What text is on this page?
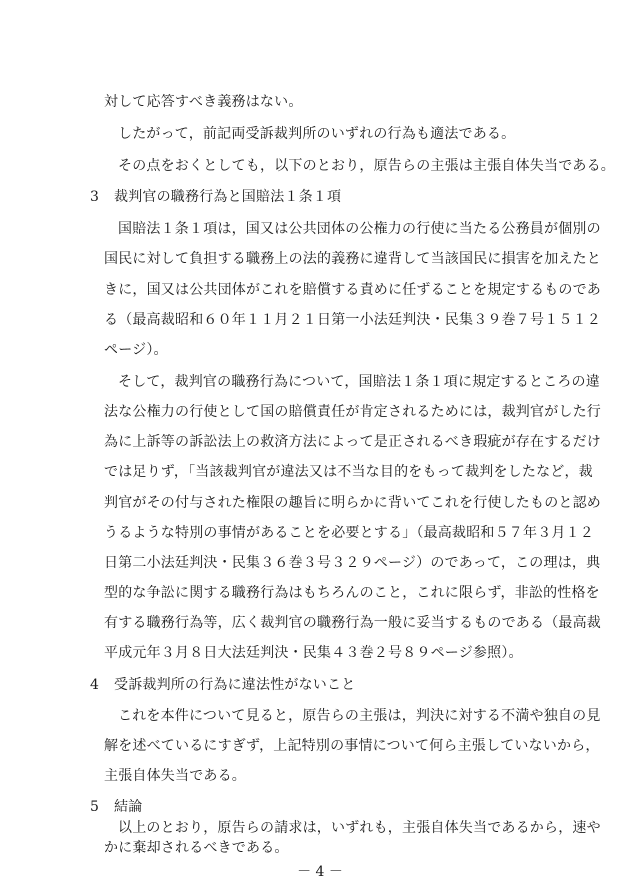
対して応答すべき義務はない。
したがって，前記両受訴裁判所のいずれの行為も適法である。
その点をおくとしても，以下のとおり，原告らの主張は主張自体失当である。
3 裁判官の職務行為と国賠法１条１項
国賠法１条１項は，国又は公共団体の公権力の行使に当たる公務員が個別の
国民に対して負担する職務上の法的義務に違背して当該国民に損害を加えたと
きに，国又は公共団体がこれを賠償する責めに任ずることを規定するものであ
る（最高裁昭和６０年１１月２１日第一小法廷判決・民集３９巻７号１５１２
ページ）。
そして，裁判官の職務行為について，国賠法１条１項に規定するところの違
法な公権力の行使として国の賠償責任が肯定されるためには，裁判官がした行
為に上訴等の訴訟法上の救済方法によって是正されるべき瑕疵が存在するだけ
では足りず，「当該裁判官が違法又は不当な目的をもって裁判をしたなど，裁
判官がその付与された権限の趣旨に明らかに背いてこれを行使したものと認め
うるような特別の事情があることを必要とする」（最高裁昭和５７年３月１２
日第二小法廷判決・民集３６巻３号３２９ページ）のであって，この理は，典
型的な争訟に関する職務行為はもちろんのこと，これに限らず，非訟的性格を
有する職務行為等，広く裁判官の職務行為一般に妥当するものである（最高裁
平成元年３月８日大法廷判決・民集４３巻２号８９ページ参照）。
4 受訴裁判所の行為に違法性がないこと
これを本件について見ると，原告らの主張は，判決に対する不満や独自の見
解を述べているにすぎず，上記特別の事情について何ら主張していないから，
主張自体失当である。
5 結論
以上のとおり，原告らの請求は，いずれも，主張自体失当であるから，速や
－ 4 －
かに棄却されるべきである。
